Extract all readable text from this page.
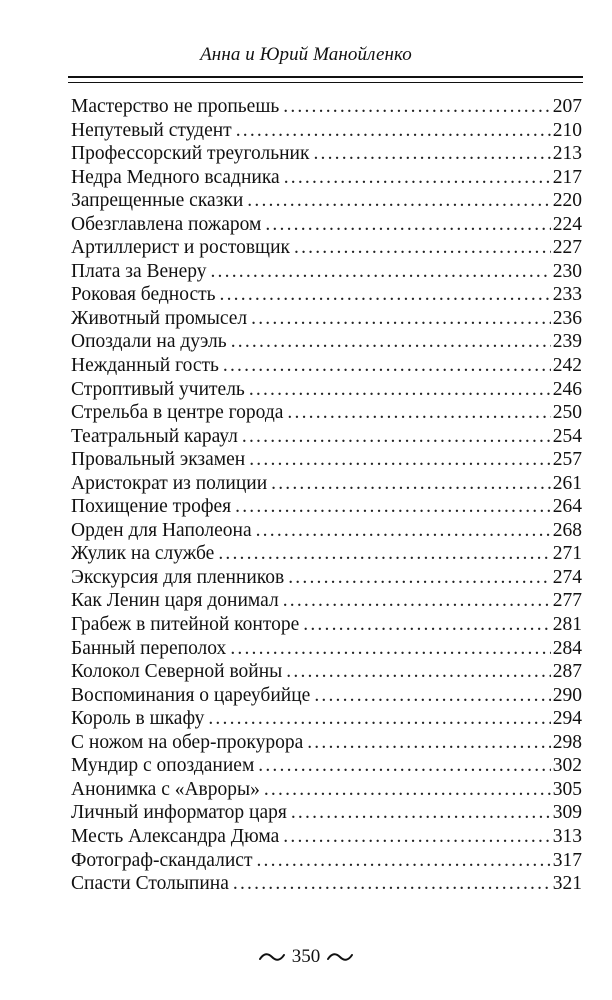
Анна и Юрий Манойленко
Мастерство не пропьешь .....	207
Непутевый студент .....	210
Профессорский треугольник .....	213
Недра Медного всадника .....	217
Запрещенные сказки .....	220
Обезглавлена пожаром .....	224
Артиллерист и ростовщик .....	227
Плата за Венеру .....	230
Роковая бедность .....	233
Животный промысел .....	236
Опоздали на дуэль .....	239
Нежданный гость .....	242
Строптивый учитель .....	246
Стрельба в центре города .....	250
Театральный караул .....	254
Провальный экзамен .....	257
Аристократ из полиции .....	261
Похищение трофея .....	264
Орден для Наполеона .....	268
Жулик на службе .....	271
Экскурсия для пленников .....	274
Как Ленин царя донимал .....	277
Грабеж в питейной конторе .....	281
Банный переполох .....	284
Колокол Северной войны .....	287
Воспоминания о цареубийце .....	290
Король в шкафу .....	294
С ножом на обер-прокурора .....	298
Мундир с опозданием .....	302
Анонимка с «Авроры» .....	305
Личный информатор царя .....	309
Месть Александра Дюма .....	313
Фотограф-скандалист .....	317
Спасти Столыпина .....	321
350
